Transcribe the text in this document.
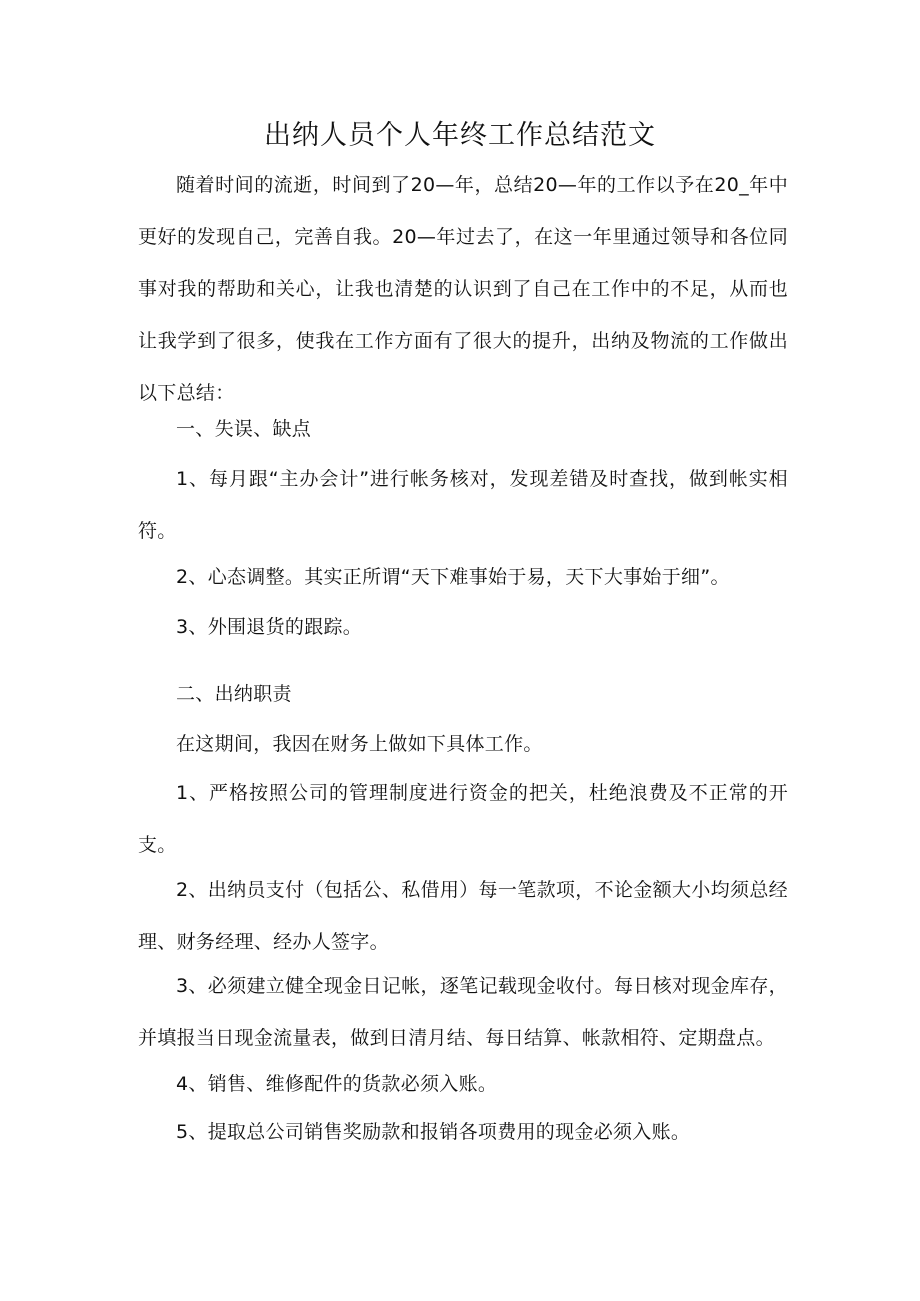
出纳人员个人年终工作总结范文

随着时间的流逝，时间到了20—年，总结20—年的工作以予在20_年中更好的发现自己，完善自我。20—年过去了，在这一年里通过领导和各位同事对我的帮助和关心，让我也清楚的认识到了自己在工作中的不足，从而也让我学到了很多，使我在工作方面有了很大的提升，出纳及物流的工作做出以下总结：

一、失误、缺点

1、每月跟“主办会计”进行帐务核对，发现差错及时查找，做到帐实相符。

2、心态调整。其实正所谓“天下难事始于易，天下大事始于细”。

3、外围退货的跟踪。

二、出纳职责

在这期间，我因在财务上做如下具体工作。

1、严格按照公司的管理制度进行资金的把关，杜绝浪费及不正常的开支。

2、出纳员支付（包括公、私借用）每一笔款项，不论金额大小均须总经理、财务经理、经办人签字。

3、必须建立健全现金日记帐，逐笔记载现金收付。每日核对现金库存，并填报当日现金流量表，做到日清月结、每日结算、帐款相符、定期盘点。

4、销售、维修配件的货款必须入账。

5、提取总公司销售奖励款和报销各项费用的现金必须入账。
